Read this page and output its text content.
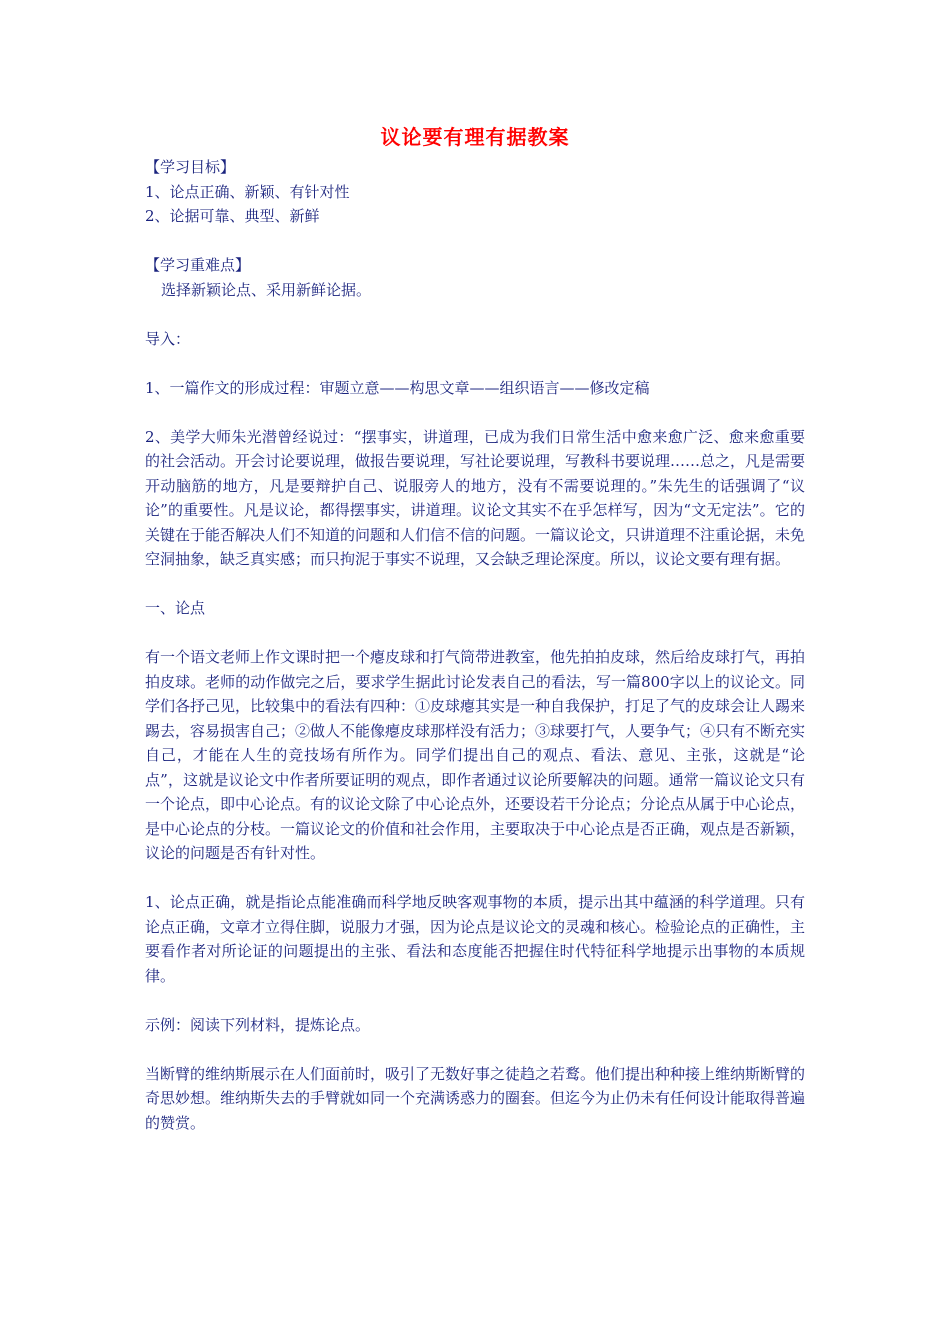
议论要有理有据教案

【学习目标】

1、论点正确、新颖、有针对性

2、论据可靠、典型、新鲜

【学习重难点】

选择新颖论点、采用新鲜论据。

导入：

1、一篇作文的形成过程：审题立意——构思文章——组织语言——修改定稿

2、美学大师朱光潜曾经说过：“摆事实，讲道理，已成为我们日常生活中愈来愈广泛、愈来愈重要的社会活动。开会讨论要说理，做报告要说理，写社论要说理，写教科书要说理……总之，凡是需要开动脑筋的地方，凡是要辩护自己、说服旁人的地方，没有不需要说理的。”朱先生的话强调了“议论”的重要性。凡是议论，都得摆事实，讲道理。议论文其实不在乎怎样写，因为“文无定法”。它的关键在于能否解决人们不知道的问题和人们信不信的问题。一篇议论文，只讲道理不注重论据，未免空洞抽象，缺乏真实感；而只拘泥于事实不说理，又会缺乏理论深度。所以，议论文要有理有据。

一、论点

有一个语文老师上作文课时把一个瘪皮球和打气筒带进教室，他先拍拍皮球，然后给皮球打气，再拍拍皮球。老师的动作做完之后，要求学生据此讨论发表自己的看法，写一篇800字以上的议论文。同学们各抒己见，比较集中的看法有四种：①皮球瘪其实是一种自我保护，打足了气的皮球会让人踢来踢去，容易损害自己；②做人不能像瘪皮球那样没有活力；③球要打气，人要争气；④只有不断充实自己，才能在人生的竞技场有所作为。同学们提出自己的观点、看法、意见、主张，这就是“论点”，这就是议论文中作者所要证明的观点，即作者通过议论所要解决的问题。通常一篇议论文只有一个论点，即中心论点。有的议论文除了中心论点外，还要设若干分论点；分论点从属于中心论点，是中心论点的分枝。一篇议论文的价值和社会作用，主要取决于中心论点是否正确，观点是否新颖，议论的问题是否有针对性。

1、论点正确，就是指论点能准确而科学地反映客观事物的本质，提示出其中蕴涵的科学道理。只有论点正确，文章才立得住脚，说服力才强，因为论点是议论文的灵魂和核心。检验论点的正确性，主要看作者对所论证的问题提出的主张、看法和态度能否把握住时代特征科学地提示出事物的本质规律。

示例：阅读下列材料，提炼论点。

当断臂的维纳斯展示在人们面前时，吸引了无数好事之徒趋之若鹜。他们提出种种接上维纳斯断臂的奇思妙想。维纳斯失去的手臂就如同一个充满诱惑力的圈套。但迄今为止仍未有任何设计能取得普遍的赞赏。
